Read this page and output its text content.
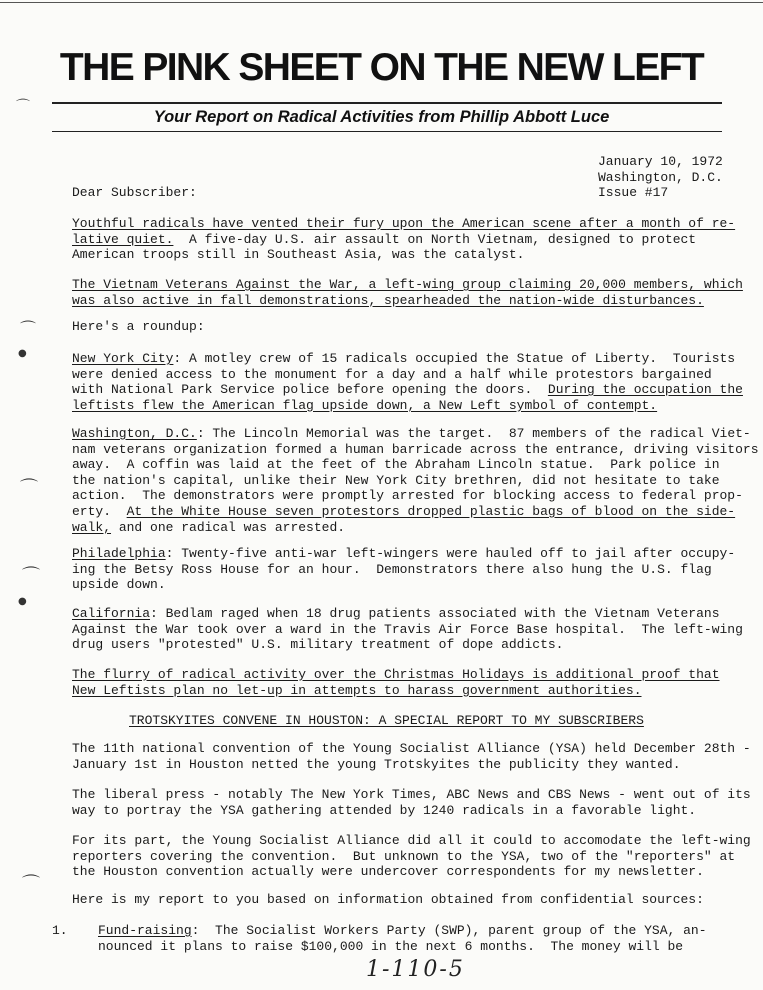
THE PINK SHEET ON THE NEW LEFT
Your Report on Radical Activities from Phillip Abbott Luce
January 10, 1972
Washington, D.C.
Issue #17
Dear Subscriber:
Youthful radicals have vented their fury upon the American scene after a month of re-
lative quiet.  A five-day U.S. air assault on North Vietnam, designed to protect
American troops still in Southeast Asia, was the catalyst.
The Vietnam Veterans Against the War, a left-wing group claiming 20,000 members, which
was also active in fall demonstrations, spearheaded the nation-wide disturbances.
Here's a roundup:
New York City: A motley crew of 15 radicals occupied the Statue of Liberty.  Tourists
were denied access to the monument for a day and a half while protestors bargained
with National Park Service police before opening the doors.  During the occupation the
leftists flew the American flag upside down, a New Left symbol of contempt.
Washington, D.C.: The Lincoln Memorial was the target.  87 members of the radical Viet-
nam veterans organization formed a human barricade across the entrance, driving visitors
away.  A coffin was laid at the feet of the Abraham Lincoln statue.  Park police in
the nation's capital, unlike their New York City brethren, did not hesitate to take
action.  The demonstrators were promptly arrested for blocking access to federal prop-
erty.  At the White House seven protestors dropped plastic bags of blood on the side-
walk, and one radical was arrested.
Philadelphia: Twenty-five anti-war left-wingers were hauled off to jail after occupy-
ing the Betsy Ross House for an hour.  Demonstrators there also hung the U.S. flag
upside down.
California: Bedlam raged when 18 drug patients associated with the Vietnam Veterans
Against the War took over a ward in the Travis Air Force Base hospital.  The left-wing
drug users "protested" U.S. military treatment of dope addicts.
The flurry of radical activity over the Christmas Holidays is additional proof that
New Leftists plan no let-up in attempts to harass government authorities.
TROTSKYITES CONVENE IN HOUSTON: A SPECIAL REPORT TO MY SUBSCRIBERS
The 11th national convention of the Young Socialist Alliance (YSA) held December 28th -
January 1st in Houston netted the young Trotskyites the publicity they wanted.
The liberal press - notably The New York Times, ABC News and CBS News - went out of its
way to portray the YSA gathering attended by 1240 radicals in a favorable light.
For its part, the Young Socialist Alliance did all it could to accomodate the left-wing
reporters covering the convention.  But unknown to the YSA, two of the "reporters" at
the Houston convention actually were undercover correspondents for my newsletter.
Here is my report to you based on information obtained from confidential sources:
1. Fund-raising:  The Socialist Workers Party (SWP), parent group of the YSA, an-
nounced it plans to raise $100,000 in the next 6 months.  The money will be
1-110-5
⌒
⌒
●
⌒
⌒
●
⌒
